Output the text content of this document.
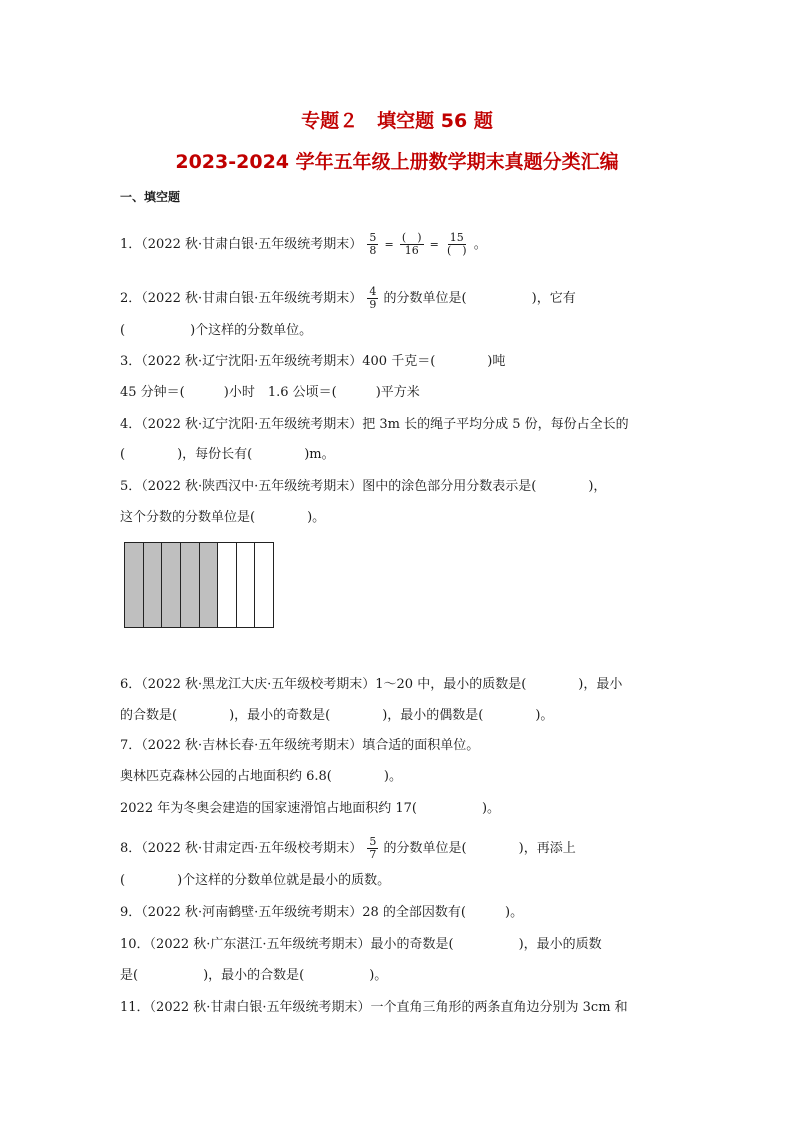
专题２　填空题 56 题
2023-2024 学年五年级上册数学期末真题分类汇编
一、填空题
1．（2022 秋·甘肃白银·五年级统考期末） $\frac{5}{8} = \frac{( )}{16} = \frac{15}{( )}$ 。
2．（2022 秋·甘肃白银·五年级统考期末） $\frac{4}{9}$ 的分数单位是(　　　　　)，它有
(　　　　　)个这样的分数单位。
3．（2022 秋·辽宁沈阳·五年级统考期末）400 千克＝(　　　　)吨
45 分钟＝(　　　)小时　1.6 公顷＝(　　　)平方米
4．（2022 秋·辽宁沈阳·五年级统考期末）把 3m 长的绳子平均分成 5 份，每份占全长的
(　　　　)，每份长有(　　　　)m。
5．（2022 秋·陕西汉中·五年级统考期末）图中的涂色部分用分数表示是(　　　　)，
这个分数的分数单位是(　　　　)。
6．（2022 秋·黑龙江大庆·五年级校考期末）1～20 中，最小的质数是(　　　　)，最小
的合数是(　　　　)，最小的奇数是(　　　　)，最小的偶数是(　　　　)。
7．（2022 秋·吉林长春·五年级统考期末）填合适的面积单位。
奥林匹克森林公园的占地面积约 6.8(　　　　)。
2022 年为冬奥会建造的国家速滑馆占地面积约 17(　　　　　)。
8．（2022 秋·甘肃定西·五年级校考期末） $\frac{5}{7}$ 的分数单位是(　　　　)，再添上
(　　　　)个这样的分数单位就是最小的质数。
9．（2022 秋·河南鹤壁·五年级统考期末）28 的全部因数有(　　　)。
10．（2022 秋·广东湛江·五年级统考期末）最小的奇数是(　　　　　)，最小的质数
是(　　　　　)，最小的合数是(　　　　　)。
11．（2022 秋·甘肃白银·五年级统考期末）一个直角三角形的两条直角边分别为 3cm 和
